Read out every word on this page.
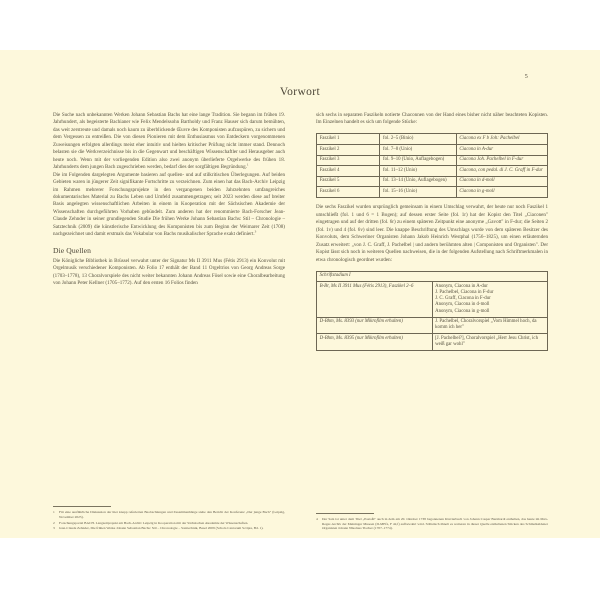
5
Vorwort

Die Suche nach unbekannten Werken Johann Sebastian Bachs hat eine lange Tradition. Sie begann im frühen 19. Jahrhundert, als begeisterte Bachianer wie Felix Mendelssohn Bartholdy und Franz Hauser sich darum bemühten, das weit zerstreute und damals noch kaum zu überblickende Œuvre des Komponisten aufzuspüren, zu sichern und dem Vergessen zu entreißen. Die von diesen Pionieren mit dem Enthusiasmus von Entdeckern vorgenommenen Zuweisungen erfolgten allerdings meist eher intuitiv und hielten kritischer Prüfung nicht immer stand. Dennoch belasten sie die Werkverzeichnisse bis in die Gegenwart und beschäftigen Wissenschaftler und Herausgeber auch heute noch. Wenn mit der vorliegenden Edition also zwei anonym überlieferte Orgelwerke des frühen 18. Jahrhunderts dem jungen Bach zugeschrieben werden, bedarf dies der sorgfältigen Begründung.$^1$

Die im Folgenden dargelegten Argumente basieren auf quellen- und auf stilkritischen Überlegungen. Auf beiden Gebieten waren in jüngerer Zeit signifikante Fortschritte zu verzeichnen. Zum einen hat das Bach-Archiv Leipzig im Rahmen mehrerer Forschungsprojekte in den vergangenen beiden Jahrzehnten umfangreiches dokumentarisches Material zu Bachs Leben und Umfeld zusammengetragen; seit 2023 werden diese auf breiter Basis angelegten wissenschaftlichen Arbeiten in einem in Kooperation mit der Sächsischen Akademie der Wissenschaften durchgeführten Vorhaben gebündelt. Zum anderen hat der renommierte Bach-Forscher Jean-Claude Zehnder in seiner grundlegenden Studie Die frühen Werke Johann Sebastian Bachs: Stil – Chronologie – Satztechnik (2009) die künstlerische Entwicklung des Komponisten bis zum Beginn der Weimarer Zeit (1708) nachgezeichnet und damit erstmals das Vokabular von Bachs musikalischer Sprache exakt definiert.$^3$

Die Quellen

Die Königliche Bibliothek in Brüssel verwahrt unter der Signatur Ms II 3911 Mus (Fétis 2913) ein Konvolut mit Orgelmusik verschiedener Komponisten. Ab Folio 17 enthält der Band 11 Orgeltrios von Georg Andreas Sorge (1703–1778), 13 Choralvorspiele des nicht weiter bekannten Johann Andreas Fösel sowie eine Choralbearbeitung von Johann Peter Kellner (1705–1772). Auf den ersten 16 Folios finden

1	Für eine ausführliche Diskussion der hier knapp referierten Beobachtungen und Zusammenhänge siehe den Bericht der Konferenz „Der junge Bach" (Leipzig, November 2025).
2	Forschungsportal BACH. Langzeitprojekt am Bach-Archiv Leipzig in Kooperation mit der Sächsischen Akademie der Wissenschaften.
3	Jean-Claude Zehnder, Die frühen Werke Johann Sebastian Bachs: Stil – Chronologie – Satztechnik, Basel 2009 (Schola Cantorum Scripta, Bd. 1).

sich sechs in separaten Faszikeln notierte Chaconnen von der Hand eines bisher nicht näher beachteten Kopisten. Im Einzelnen handelt es sich um folgende Stücke:

Faszikel 1	fol. 2–5 (Binio)	Ciacona ex F b Joh: Pachelbel
Faszikel 2	fol. 7–8 (Unio)	Ciacona in A-dur
Faszikel 3	fol. 9–10 (Unio, Auflagebogen)	Ciacona Joh. Pachelbel in F-dur
Faszikel 4	fol. 11–12 (Unio)	Ciacona, con pedal. di J. C. Graff in F-dur
Faszikel 5	fol. 13–14 (Unio, Auflagebogen)	Ciacona in d-moll
Faszikel 6	fol. 15–16 (Unio)	Ciacona in g-moll

Die sechs Faszikel wurden ursprünglich gemeinsam in einem Umschlag verwahrt, der heute nur noch Faszikel 1 umschließt (fol. 1 und 6 = 1 Bogen); auf dessen erster Seite (fol. 1r) hat der Kopist den Titel „Ciaconen" eingetragen und auf der dritten (fol. 6r) zu einem späteren Zeitpunkt eine anonyme „Gavott" in F-dur; die Seiten 2 (fol. 1v) und 4 (fol. 6v) sind leer. Die knappe Beschriftung des Umschlags wurde von dem späteren Besitzer des Konvoluts, dem Schweriner Organisten Johann Jakob Heinrich Westphal (1756–1825), um einen erläuternden Zusatz erweitert: „von J. C. Graff, J. Pachelbel | und andern berühmten alten | Componisten und Organisten". Der Kopist lässt sich noch in weiteren Quellen nachweisen, die in der folgenden Aufstellung nach Schriftmerkmalen in etwa chronologisch geordnet wurden:

Schriftstadium I	
B-Br, Ms II 3911 Mus (Fétis 2913), Faszikel 2–6	Anonym, Ciacona in A-dur
J. Pachelbel, Ciacona in F-dur
J. C. Graff, Ciacona in F-dur
Anonym, Ciacona in d-moll
Anonym, Ciacona in g-moll

D-Bhm, Ms. 8393 (nur Mikrofilm erhalten)	J. Pachelbel, Choralvorspiel „Vom Himmel hoch, da komm ich her"

D-Bhm, Ms. 8395 (nur Mikrofilm erhalten)	[J. Pachelbel?], Choralvorspiel „Herr Jesu Christ, ich weiß gar wohl"
4	Der Satz ist unter dem Titel „Pastoßl" auch in dem am 20. Oktober 1738 begonnenen Klavierbuch von Johann Caspar Bernhardt enthalten, das heute im Max-Reger-Archiv der Meininger Museen (D-MEfz, F 42,f) aufbewahrt wird. Stilistisch ähnelt es weiteren in dieser Quelle enthaltenen Stücken des Schmalkaldener Organisten Johann Nikolaus Tischer (1707–1774).
